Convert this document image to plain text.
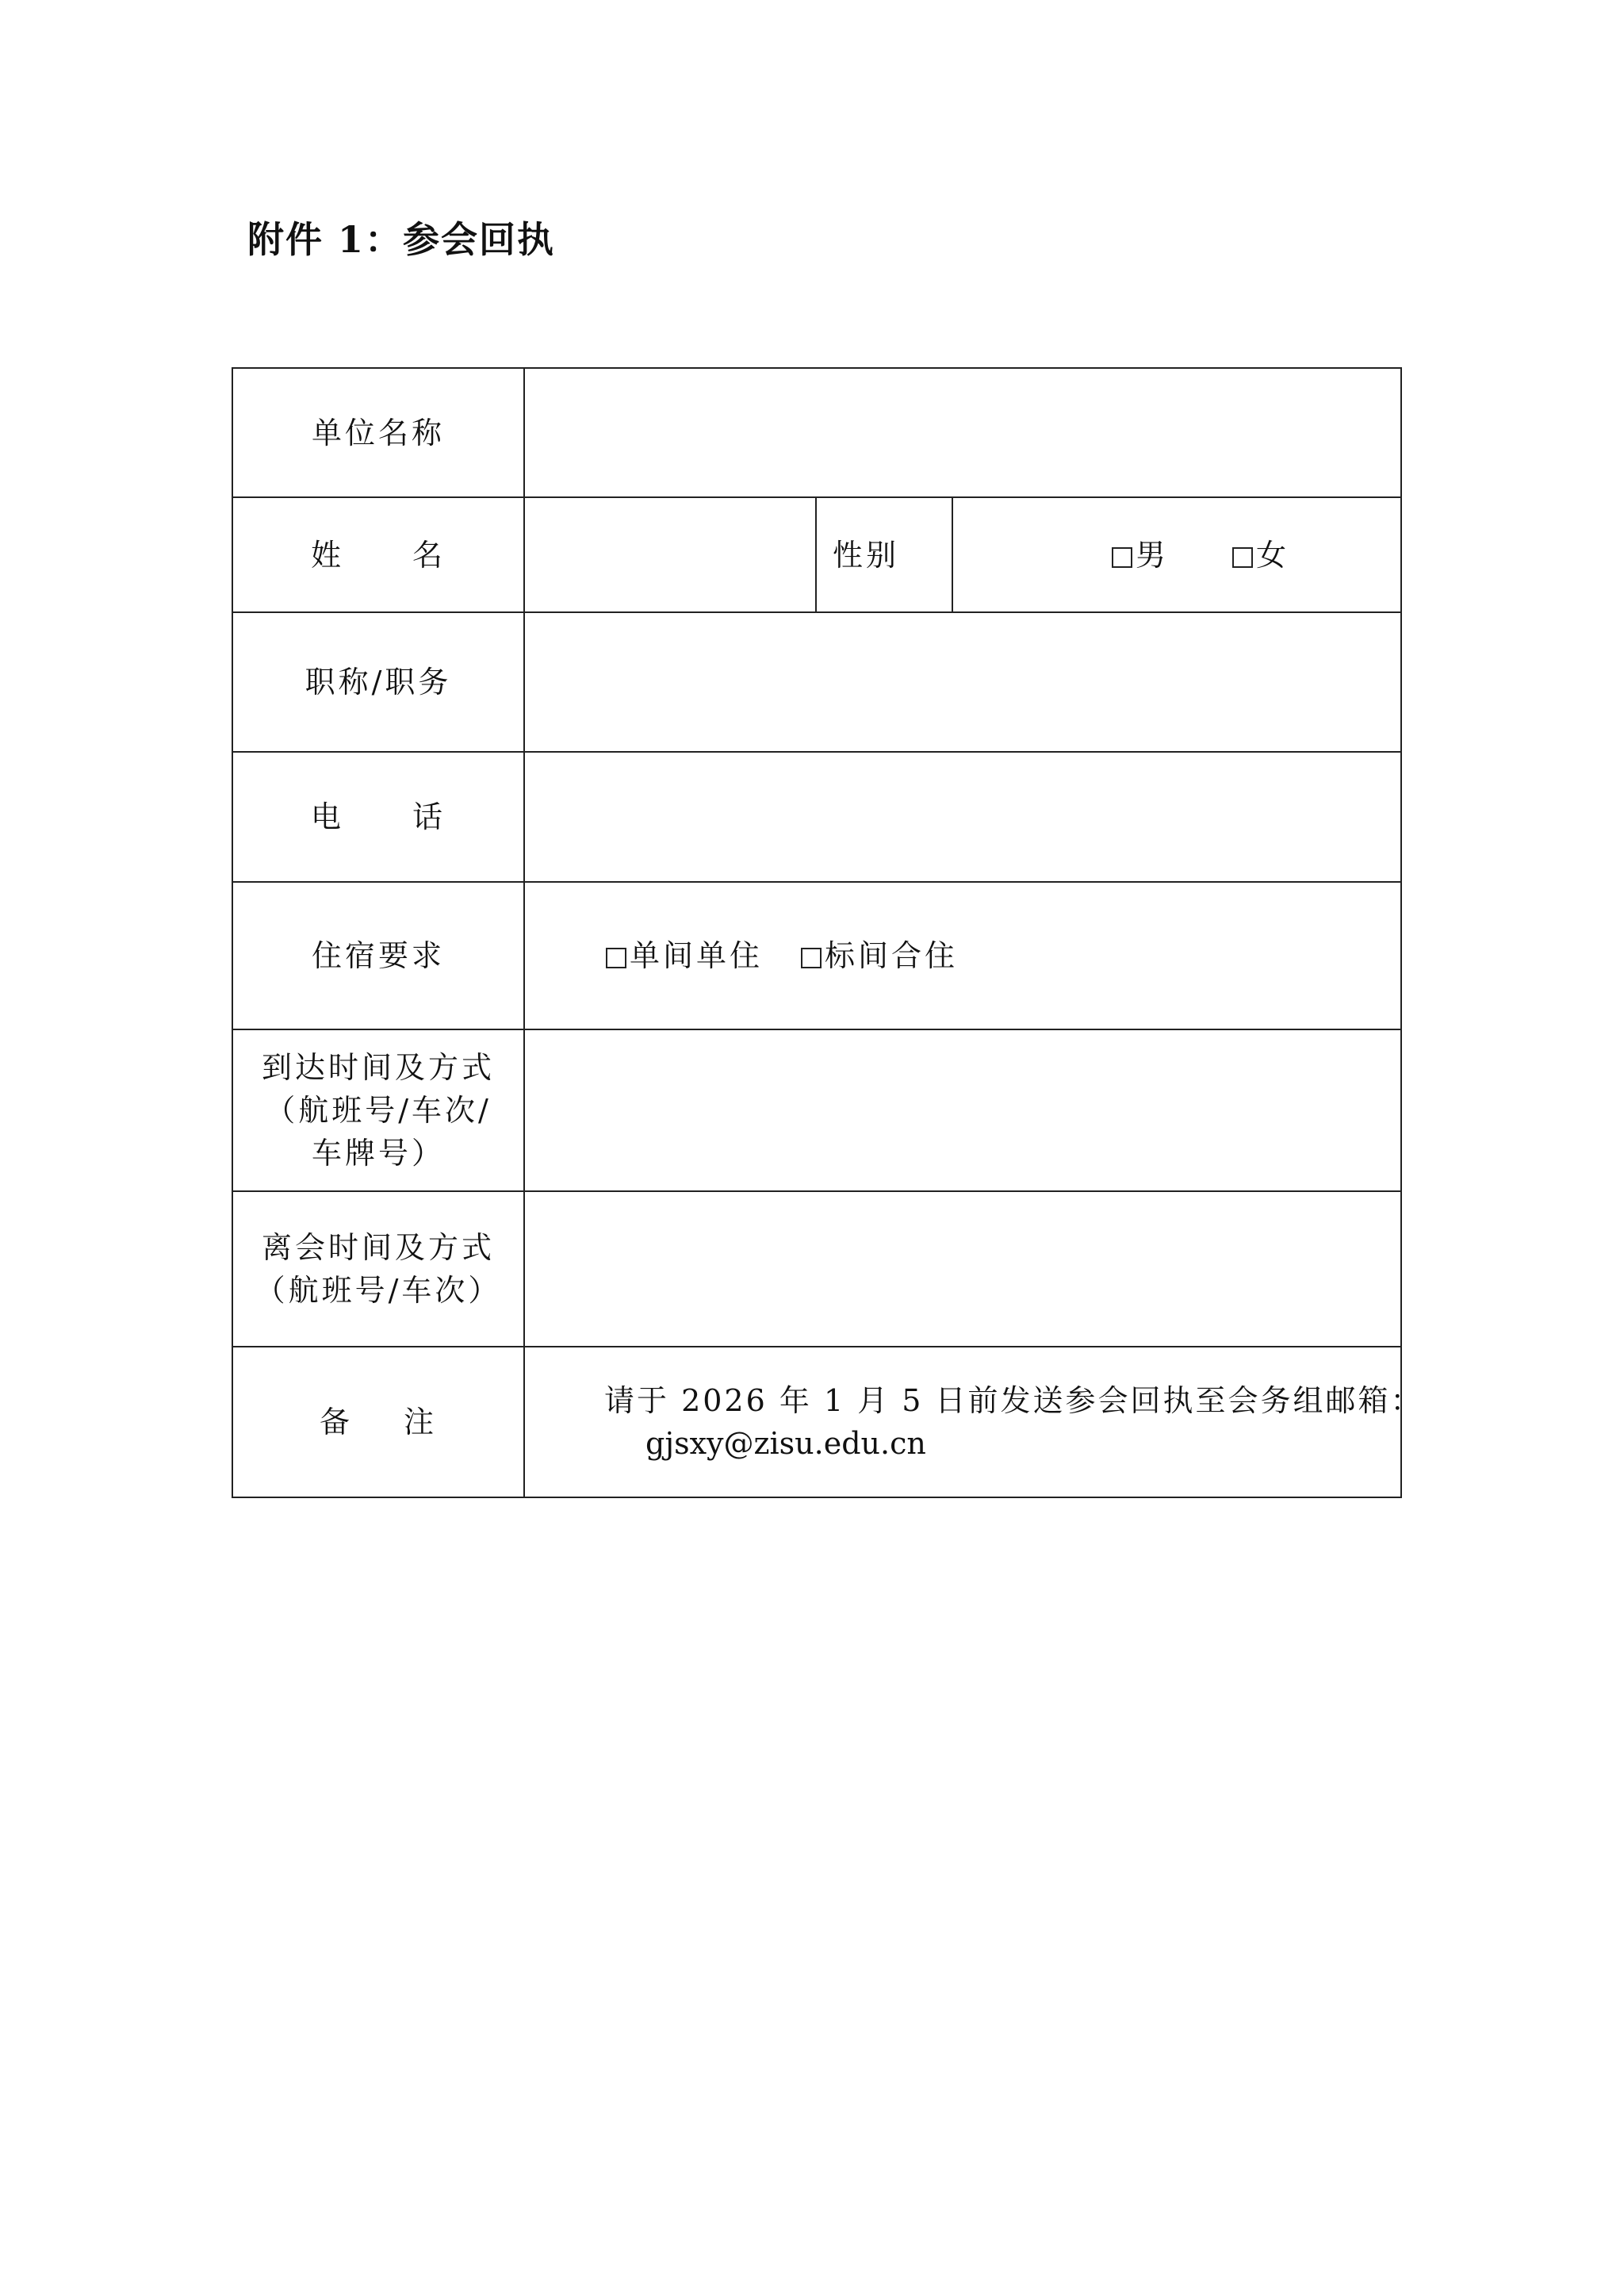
附件 1：参会回执
单位名称			
姓 名		性别	男 女
职称/职务			
电 话			
住宿要求	单间单住 标间合住		

到达时间及方式
（航班号/车次/
车牌号）			

离会时间及方式
（航班号/车次）			

备 注	请于 2026 年 1 月 5 日前发送参会回执至会务组邮箱：
gjsxy@zisu.edu.cn		
